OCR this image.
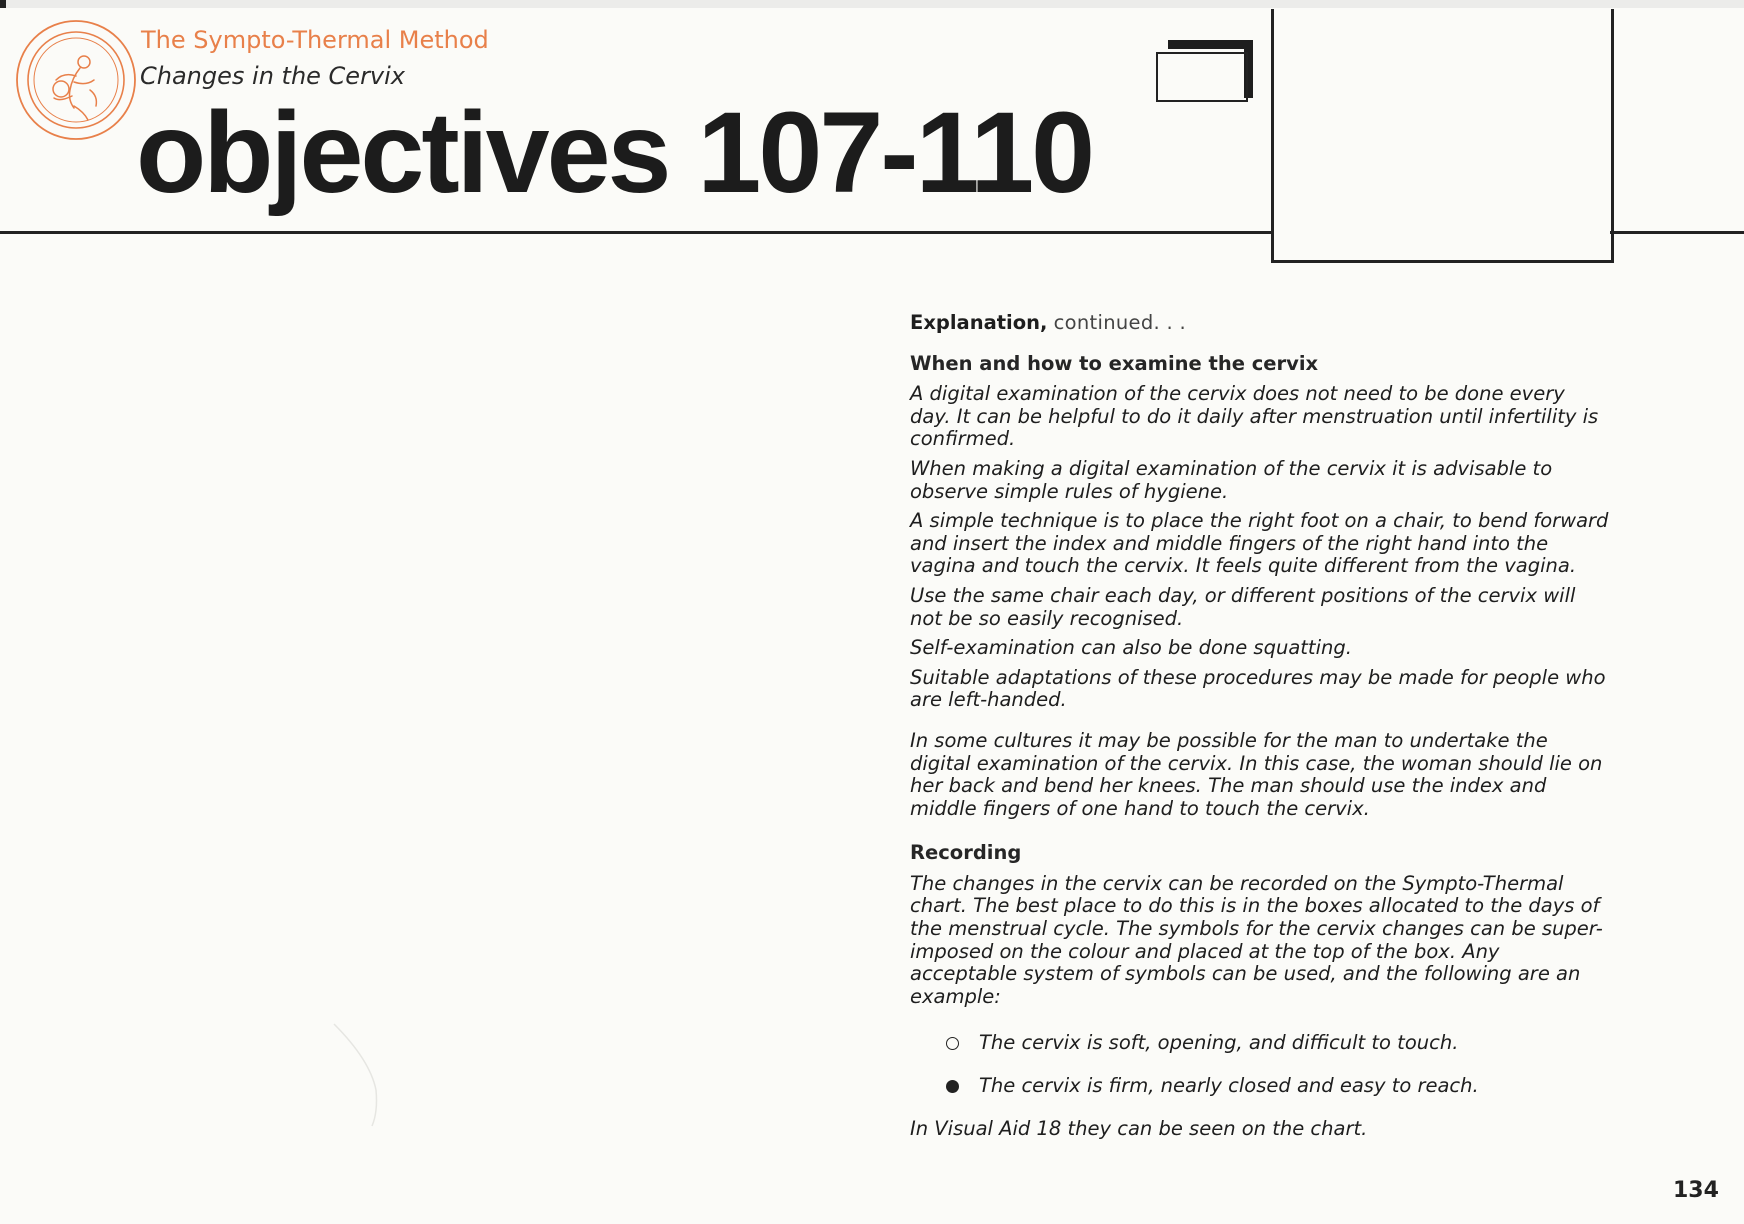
The Sympto-Thermal Method
Changes in the Cervix
objectives 107-110

Explanation, continued. . .

When and how to examine the cervix

A digital examination of the cervix does not need to be done every day. It can be helpful to do it daily after menstruation until infertility is confirmed.

When making a digital examination of the cervix it is advisable to observe simple rules of hygiene.

A simple technique is to place the right foot on a chair, to bend forward and insert the index and middle fingers of the right hand into the vagina and touch the cervix. It feels quite different from the vagina.

Use the same chair each day, or different positions of the cervix will not be so easily recognised.

Self-examination can also be done squatting.

Suitable adaptations of these procedures may be made for people who are left-handed.

In some cultures it may be possible for the man to undertake the digital examination of the cervix. In this case, the woman should lie on her back and bend her knees. The man should use the index and middle fingers of one hand to touch the cervix.

Recording

The changes in the cervix can be recorded on the Sympto-Thermal chart. The best place to do this is in the boxes allocated to the days of the menstrual cycle. The symbols for the cervix changes can be super-imposed on the colour and placed at the top of the box. Any acceptable system of symbols can be used, and the following are an example:

The cervix is soft, opening, and difficult to touch.
The cervix is firm, nearly closed and easy to reach.

In Visual Aid 18 they can be seen on the chart.

134
